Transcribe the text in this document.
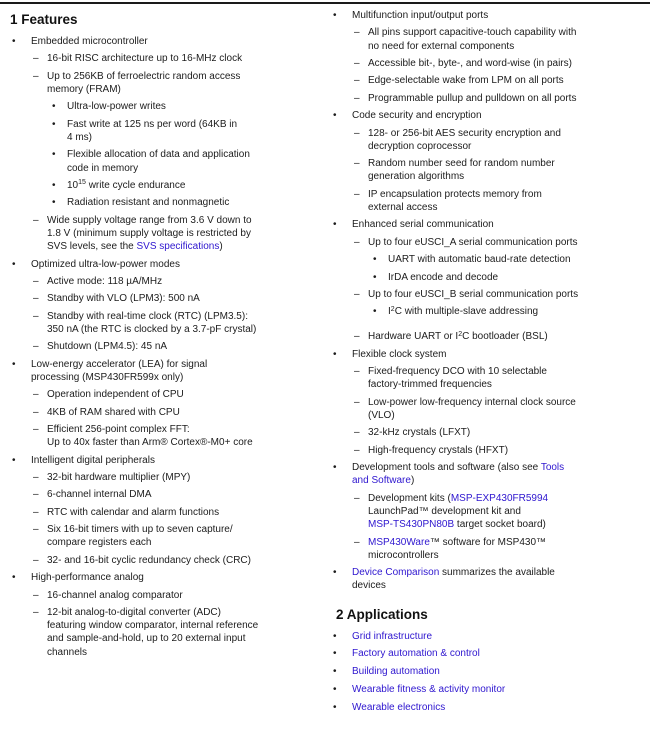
1 Features
• Embedded microcontroller
– 16-bit RISC architecture up to 16-MHz clock
– Up to 256KB of ferroelectric random access
memory (FRAM)
• Ultra-low-power writes
• Fast write at 125 ns per word (64KB in
4 ms)
• Flexible allocation of data and application
code in memory
• $10^{15}$ write cycle endurance
• Radiation resistant and nonmagnetic
– Wide supply voltage range from 3.6 V down to
1.8 V (minimum supply voltage is restricted by
SVS levels, see the SVS specifications)
• Optimized ultra-low-power modes
– Active mode: 118 µA/MHz
– Standby with VLO (LPM3): 500 nA
– Standby with real-time clock (RTC) (LPM3.5):
350 nA (the RTC is clocked by a 3.7-pF crystal)
– Shutdown (LPM4.5): 45 nA
• Low-energy accelerator (LEA) for signal
processing (MSP430FR599x only)
– Operation independent of CPU
– 4KB of RAM shared with CPU
– Efficient 256-point complex FFT:
Up to 40x faster than Arm® Cortex®-M0+ core
• Intelligent digital peripherals
– 32-bit hardware multiplier (MPY)
– 6-channel internal DMA
– RTC with calendar and alarm functions
– Six 16-bit timers with up to seven capture/
compare registers each
– 32- and 16-bit cyclic redundancy check (CRC)
• High-performance analog
– 16-channel analog comparator
– 12-bit analog-to-digital converter (ADC)
featuring window comparator, internal reference
and sample-and-hold, up to 20 external input
channels
• Multifunction input/output ports
– All pins support capacitive-touch capability with
no need for external components
– Accessible bit-, byte-, and word-wise (in pairs)
– Edge-selectable wake from LPM on all ports
– Programmable pullup and pulldown on all ports
• Code security and encryption
– 128- or 256-bit AES security encryption and
decryption coprocessor
– Random number seed for random number
generation algorithms
– IP encapsulation protects memory from
external access
• Enhanced serial communication
– Up to four eUSCI_A serial communication ports
• UART with automatic baud-rate detection
• IrDA encode and decode
– Up to four eUSCI_B serial communication ports
• $I^2C$ with multiple-slave addressing
– Hardware UART or $I^2C$ bootloader (BSL)
• Flexible clock system
– Fixed-frequency DCO with 10 selectable
factory-trimmed frequencies
– Low-power low-frequency internal clock source
(VLO)
– 32-kHz crystals (LFXT)
– High-frequency crystals (HFXT)
• Development tools and software (also see Tools
and Software)
– Development kits (MSP-EXP430FR5994
LaunchPad™ development kit and
MSP-TS430PN80B target socket board)
– MSP430Ware™ software for MSP430™
microcontrollers
• Device Comparison summarizes the available
devices
2 Applications
• Grid infrastructure
• Factory automation & control
• Building automation
• Wearable fitness & activity monitor
• Wearable electronics
